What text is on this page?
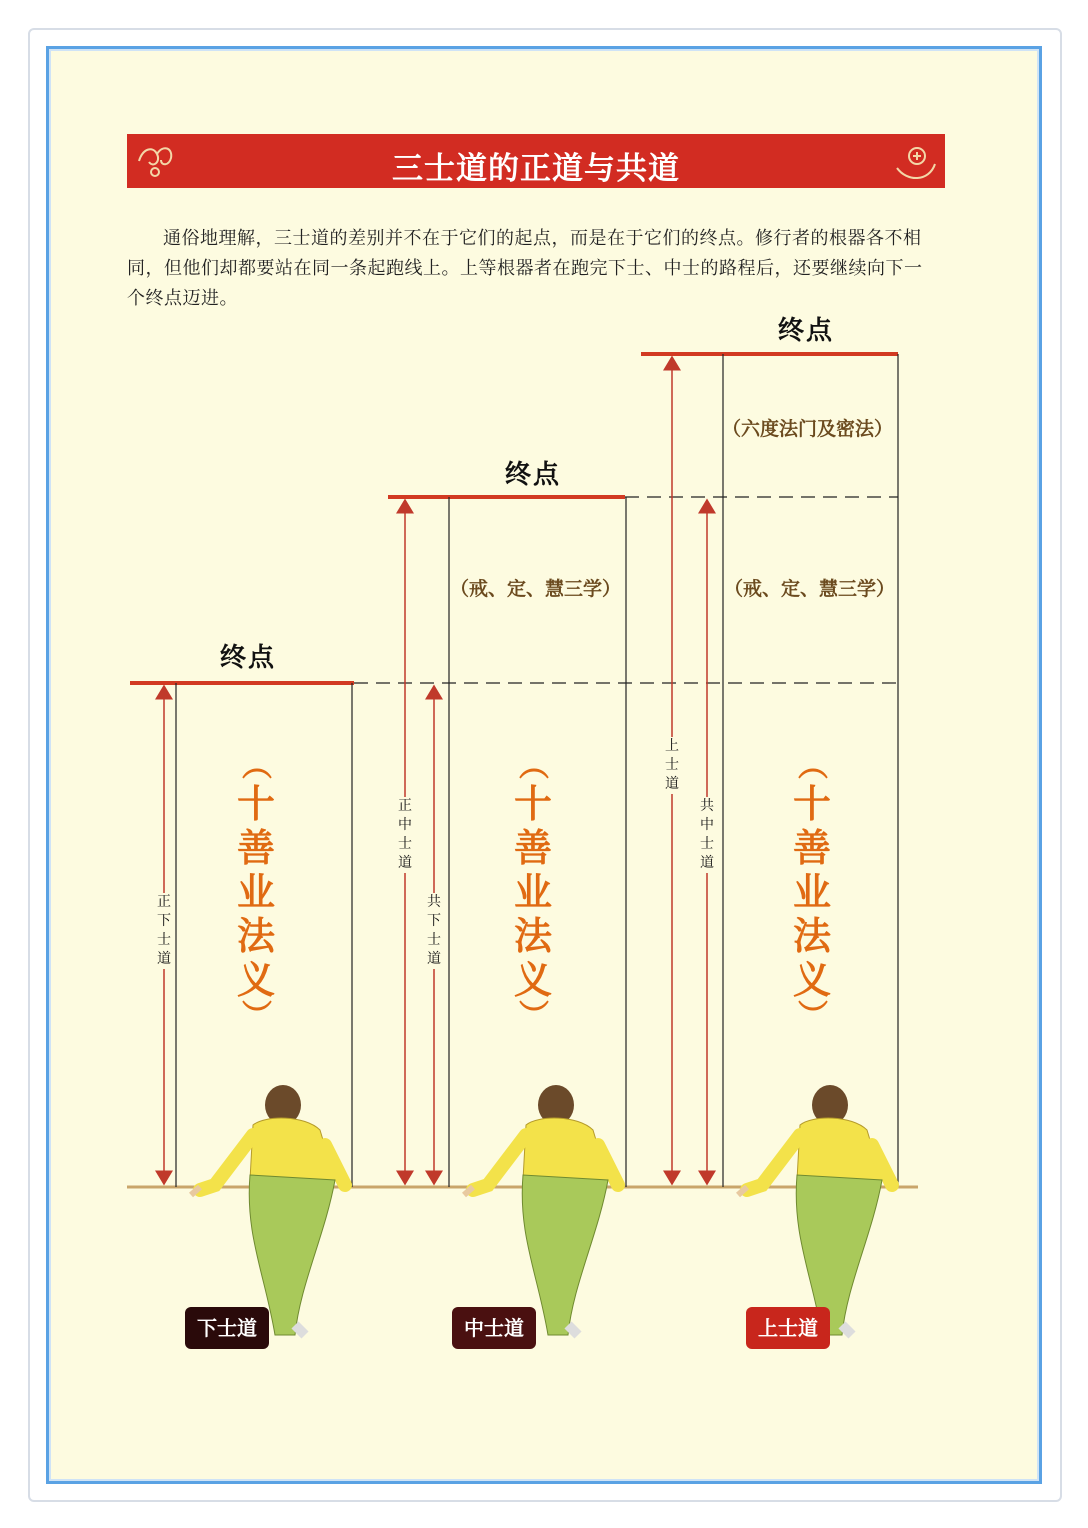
三士道的正道与共道
通俗地理解，三士道的差别并不在于它们的起点，而是在于它们的终点。修行者的根器各不相同，但他们却都要站在同一条起跑线上。上等根器者在跑完下士、中士的路程后，还要继续向下一个终点迈进。
终点
终点
终点
（戒、定、慧三学）	（戒、定、慧三学）
（六度法门及密法）
正
下
士
道
正
中
士
道
共
下
士
道
上
士
道
共
中
士
道
︵
十
善
业
法
义
︶
︵
十
善
业
法
义
︶
︵
十
善
业
法
义
︶
下士道	中士道	上士道
